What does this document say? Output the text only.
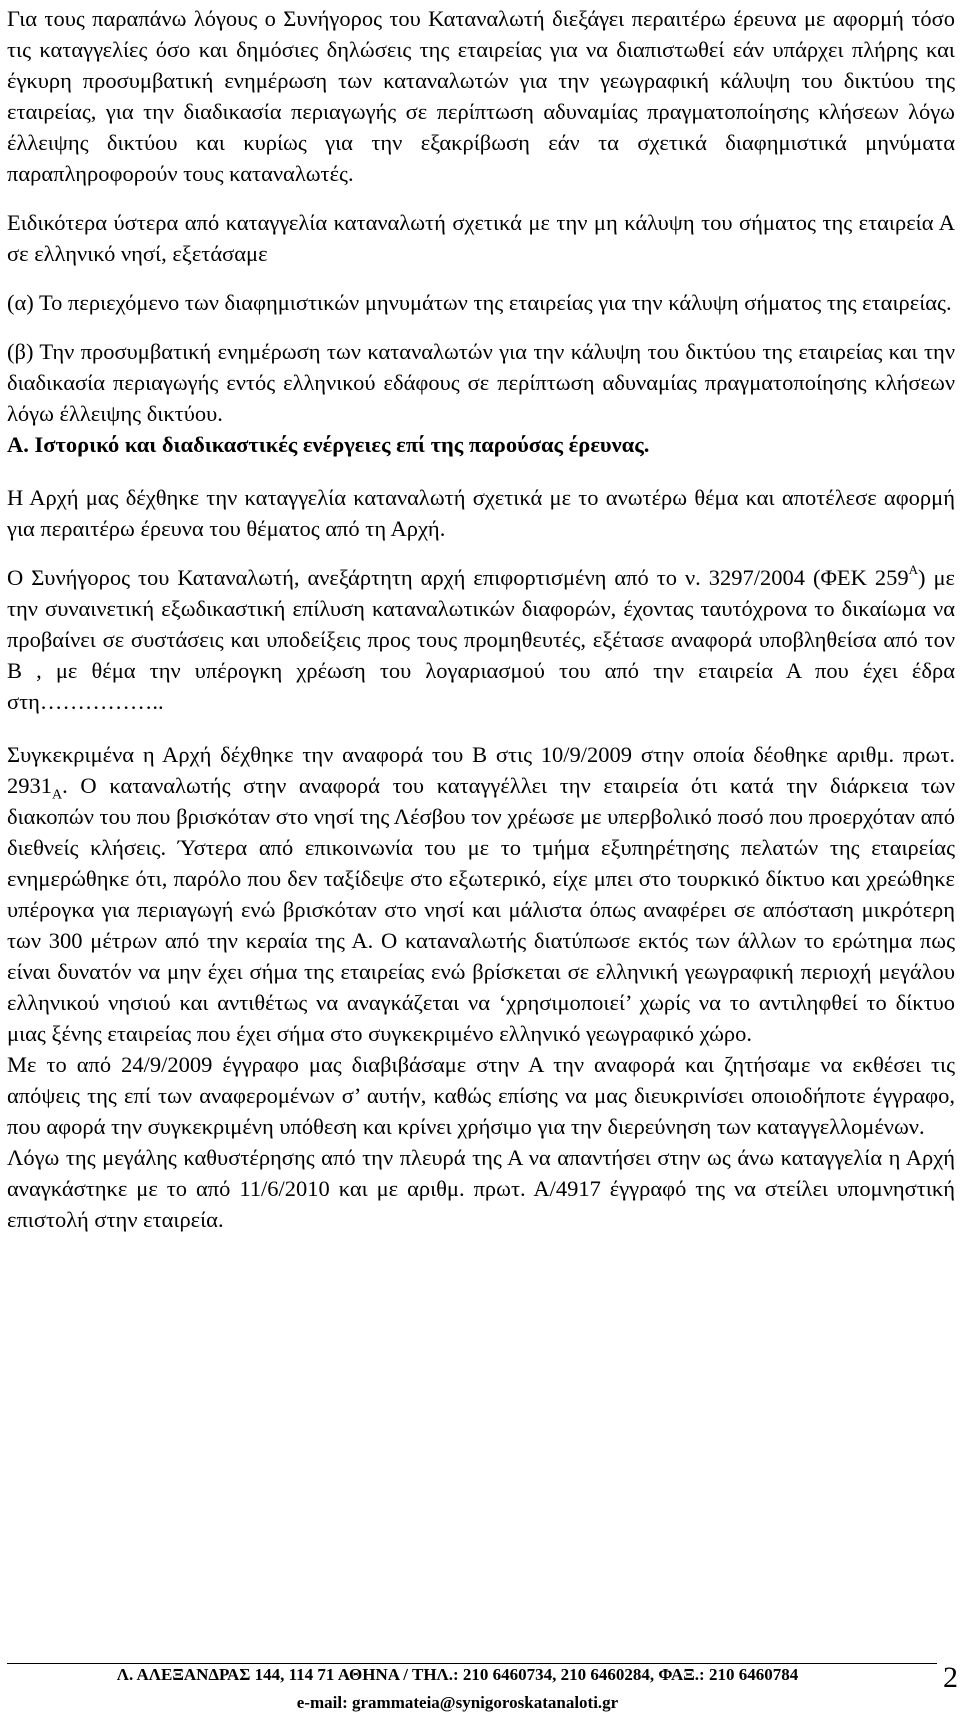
Για τους παραπάνω λόγους ο Συνήγορος του Καταναλωτή διεξάγει περαιτέρω έρευνα με αφορμή τόσο τις καταγγελίες όσο και δημόσιες δηλώσεις της εταιρείας για να διαπιστωθεί εάν υπάρχει πλήρης και έγκυρη προσυμβατική ενημέρωση των καταναλωτών για την γεωγραφική κάλυψη του δικτύου της εταιρείας, για την διαδικασία περιαγωγής σε περίπτωση αδυναμίας πραγματοποίησης κλήσεων λόγω έλλειψης δικτύου και κυρίως για την εξακρίβωση εάν τα σχετικά διαφημιστικά μηνύματα παραπληροφορούν τους καταναλωτές.

Ειδικότερα ύστερα από καταγγελία καταναλωτή σχετικά με την μη κάλυψη του σήματος της εταιρεία Α σε ελληνικό νησί, εξετάσαμε

(α) Το περιεχόμενο των διαφημιστικών μηνυμάτων της εταιρείας για την κάλυψη σήματος της εταιρείας.

(β) Την προσυμβατική ενημέρωση των καταναλωτών για την κάλυψη του δικτύου της εταιρείας και την διαδικασία περιαγωγής εντός ελληνικού εδάφους σε περίπτωση αδυναμίας πραγματοποίησης κλήσεων λόγω έλλειψης δικτύου.

Α. Ιστορικό και διαδικαστικές ενέργειες επί της παρούσας έρευνας.

Η Αρχή μας δέχθηκε την καταγγελία καταναλωτή σχετικά με το ανωτέρω θέμα και αποτέλεσε αφορμή για περαιτέρω έρευνα του θέματος από τη Αρχή.

Ο Συνήγορος του Καταναλωτή, ανεξάρτητη αρχή επιφορτισμένη από το ν. 3297/2004 (ΦΕΚ $259^A$) με την συναινετική εξωδικαστική επίλυση καταναλωτικών διαφορών, έχοντας ταυτόχρονα το δικαίωμα να προβαίνει σε συστάσεις και υποδείξεις προς τους προμηθευτές, εξέτασε αναφορά υποβληθείσα από τον Β , με θέμα την υπέρογκη χρέωση του λογαριασμού του από την εταιρεία Α που έχει έδρα στη……………..

Συγκεκριμένα η Αρχή δέχθηκε την αναφορά του Β στις 10/9/2009 στην οποία δέοθηκε αριθμ. πρωτ. $2931_A$. Ο καταναλωτής στην αναφορά του καταγγέλλει την εταιρεία ότι κατά την διάρκεια των διακοπών του που βρισκόταν στο νησί της Λέσβου τον χρέωσε με υπερβολικό ποσό που προερχόταν από διεθνείς κλήσεις. Ύστερα από επικοινωνία του με το τμήμα εξυπηρέτησης πελατών της εταιρείας ενημερώθηκε ότι, παρόλο που δεν ταξίδεψε στο εξωτερικό, είχε μπει στο τουρκικό δίκτυο και χρεώθηκε υπέρογκα για περιαγωγή ενώ βρισκόταν στο νησί και μάλιστα όπως αναφέρει σε απόσταση μικρότερη των 300 μέτρων από την κεραία της Α. Ο καταναλωτής διατύπωσε εκτός των άλλων το ερώτημα πως είναι δυνατόν να μην έχει σήμα της εταιρείας ενώ βρίσκεται σε ελληνική γεωγραφική περιοχή μεγάλου ελληνικού νησιού και αντιθέτως να αναγκάζεται να ‘χρησιμοποιεί’ χωρίς να το αντιληφθεί το δίκτυο μιας ξένης εταιρείας που έχει σήμα στο συγκεκριμένο ελληνικό γεωγραφικό χώρο.

Με το από 24/9/2009 έγγραφο μας διαβιβάσαμε στην Α την αναφορά και ζητήσαμε να εκθέσει τις απόψεις της επί των αναφερομένων σ’ αυτήν, καθώς επίσης να μας διευκρινίσει οποιοδήποτε έγγραφο, που αφορά την συγκεκριμένη υπόθεση και κρίνει χρήσιμο για την διερεύνηση των καταγγελλομένων.

Λόγω της μεγάλης καθυστέρησης από την πλευρά της Α να απαντήσει στην ως άνω καταγγελία η Αρχή αναγκάστηκε με το από 11/6/2010 και με αριθμ. πρωτ. Α/4917 έγγραφό της να στείλει υπομνηστική επιστολή στην εταιρεία.

Λ. ΑΛΕΞΑΝΔΡΑΣ 144, 114 71 ΑΘΗΝΑ / ΤΗΛ.: 210 6460734, 210 6460284, ΦΑΞ.: 210 6460784
e-mail: grammateia@synigoroskatanaloti.gr
2
